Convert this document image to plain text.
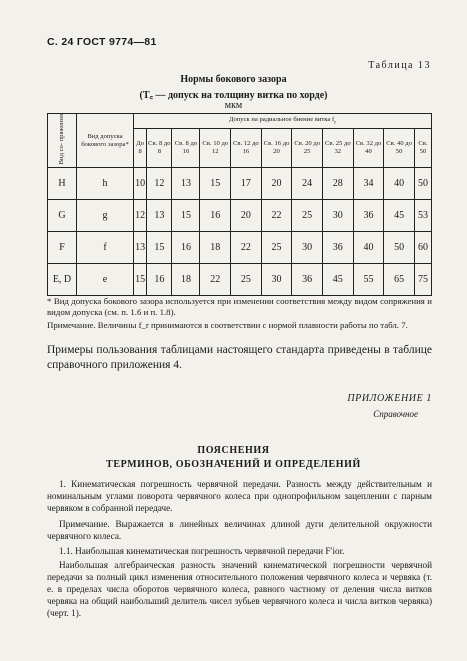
С. 24 ГОСТ 9774—81
Таблица 13
Нормы бокового зазора
(T꜀ — допуск на толщину витка по хорде)
мкм
Вид со- пряжения	Вид допуска бокового зазора*	Допуск на радиальное биение витка $f_r$
		До 8	Св. 8 до 8	Св. 8 до 10	Св. 10 до 12	Св. 12 до 16	Св. 16 до 20	Св. 20 до 25	Св. 25 до 32	Св. 32 до 40	Св. 40 до 50	Св. 50
H	h	10	12	13	15	17	20	24	28	34	40	50
G	g	12	13	15	16	20	22	25	30	36	45	53
F	f	13	15	16	18	22	25	30	36	40	50	60
E, D	e	15	16	18	22	25	30	36	45	55	65	75
* Вид допуска бокового зазора используется при изменении соответствия между видом сопряжения и видом допуска (см. п. 1.6 и п. 1.8).
Примечание. Величины f_r принимаются в соответствии с нормой плавности работы по табл. 7.
Примеры пользования таблицами настоящего стандарта приведены в таблице справочного приложения 4.
ПРИЛОЖЕНИЕ 1
Справочное
ПОЯСНЕНИЯ
ТЕРМИНОВ, ОБОЗНАЧЕНИЙ И ОПРЕДЕЛЕНИЙ
1. Кинематическая погрешность червячной передачи. Разность между действительным и номинальным углами поворота червячного колеса при однопрофильном зацеплении с парным червяком в собранной передаче.
Примечание. Выражается в линейных величинах длиной дуги делительной окружности червячного колеса.
1.1. Наибольшая кинематическая погрешность червячной передачи F′ior.
Наибольшая алгебраическая разность значений кинематической погрешности червячной передачи за полный цикл изменения относительного положения червячного колеса и червяка (т. е. в пределах числа оборотов червячного колеса, равного частному от деления числа витков червяка на общий наибольший делитель чисел зубьев червячного колеса и числа витков червяка) (черт. 1).
